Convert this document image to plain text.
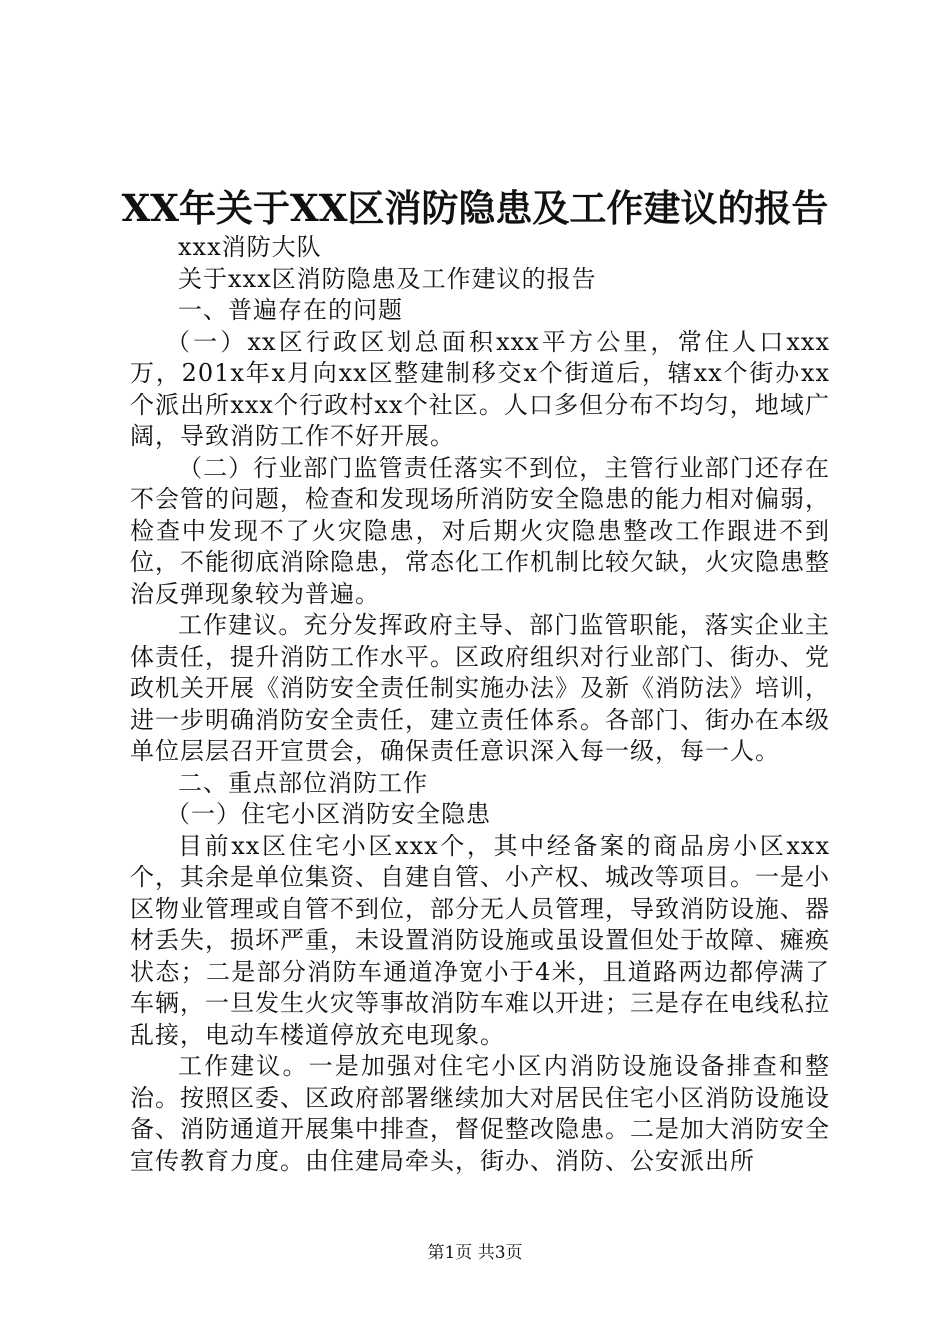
XX年关于XX区消防隐患及工作建议的报告

xxx消防大队

关于xxx区消防隐患及工作建议的报告

一、普遍存在的问题

（一）xx区行政区划总面积xxx平方公里，常住人口xxx万，201x年x月向xx区整建制移交x个街道后，辖xx个街办xx个派出所xxx个行政村xx个社区。人口多但分布不均匀，地域广阔，导致消防工作不好开展。

（二）行业部门监管责任落实不到位，主管行业部门还存在不会管的问题，检查和发现场所消防安全隐患的能力相对偏弱，检查中发现不了火灾隐患，对后期火灾隐患整改工作跟进不到位，不能彻底消除隐患，常态化工作机制比较欠缺，火灾隐患整治反弹现象较为普遍。

工作建议。充分发挥政府主导、部门监管职能，落实企业主体责任，提升消防工作水平。区政府组织对行业部门、街办、党政机关开展《消防安全责任制实施办法》及新《消防法》培训，进一步明确消防安全责任，建立责任体系。各部门、街办在本级单位层层召开宣贯会，确保责任意识深入每一级，每一人。

二、重点部位消防工作

（一）住宅小区消防安全隐患

目前xx区住宅小区xxx个，其中经备案的商品房小区xxx个，其余是单位集资、自建自管、小产权、城改等项目。一是小区物业管理或自管不到位，部分无人员管理，导致消防设施、器材丢失，损坏严重，未设置消防设施或虽设置但处于故障、瘫痪状态；二是部分消防车通道净宽小于4米，且道路两边都停满了车辆，一旦发生火灾等事故消防车难以开进；三是存在电线私拉乱接，电动车楼道停放充电现象。

工作建议。一是加强对住宅小区内消防设施设备排查和整治。按照区委、区政府部署继续加大对居民住宅小区消防设施设备、消防通道开展集中排查，督促整改隐患。二是加大消防安全宣传教育力度。由住建局牵头，街办、消防、公安派出所

第1页 共3页
